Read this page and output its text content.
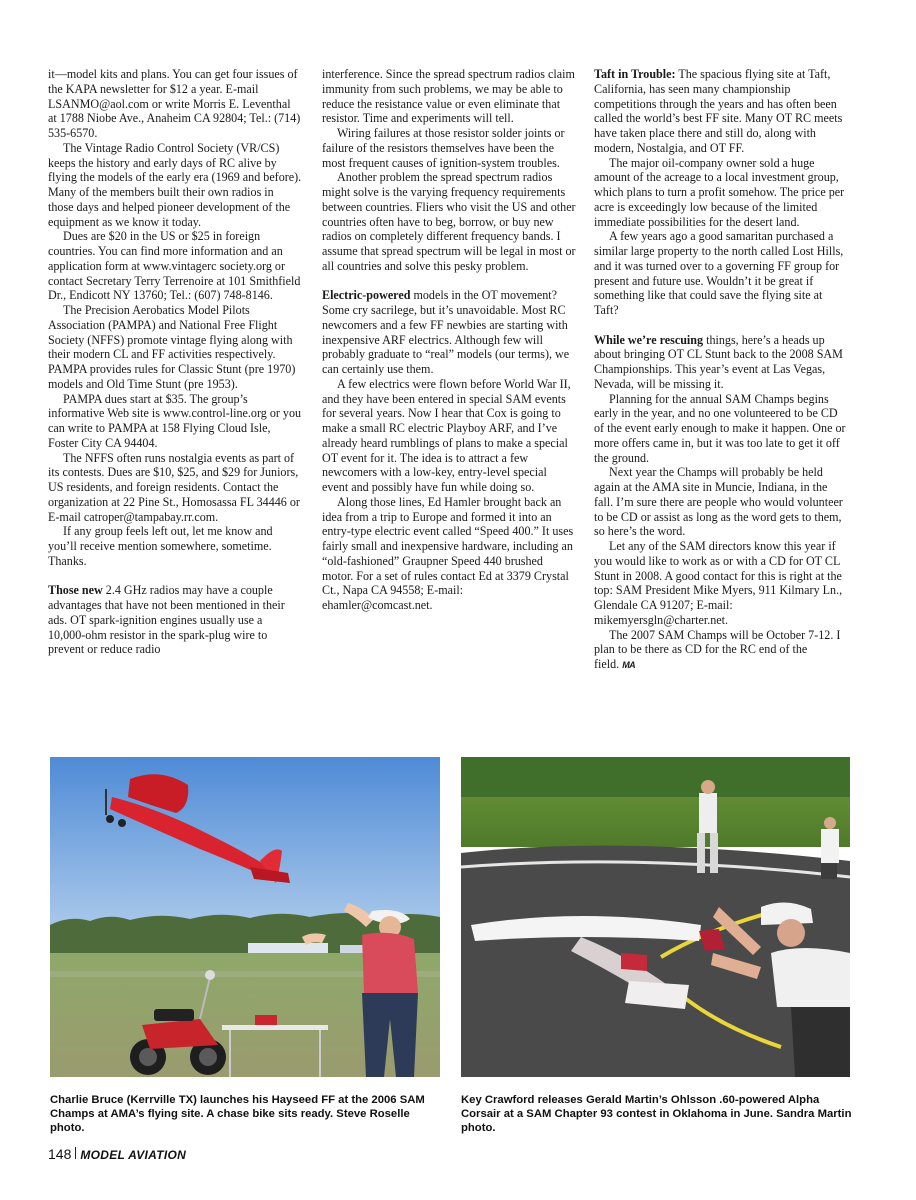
it—model kits and plans. You can get four issues of the KAPA newsletter for $12 a year. E-mail LSANMO@aol.com or write Morris E. Leventhal at 1788 Niobe Ave., Anaheim CA 92804; Tel.: (714) 535-6570.

The Vintage Radio Control Society (VR/CS) keeps the history and early days of RC alive by flying the models of the early era (1969 and before). Many of the members built their own radios in those days and helped pioneer development of the equipment as we know it today.

Dues are $20 in the US or $25 in foreign countries. You can find more information and an application form at www.vintagerc society.org or contact Secretary Terry Terrenoire at 101 Smithfield Dr., Endicott NY 13760; Tel.: (607) 748-8146.

The Precision Aerobatics Model Pilots Association (PAMPA) and National Free Flight Society (NFFS) promote vintage flying along with their modern CL and FF activities respectively. PAMPA provides rules for Classic Stunt (pre 1970) models and Old Time Stunt (pre 1953).

PAMPA dues start at $35. The group’s informative Web site is www.control-line.org or you can write to PAMPA at 158 Flying Cloud Isle, Foster City CA 94404.

The NFFS often runs nostalgia events as part of its contests. Dues are $10, $25, and $29 for Juniors, US residents, and foreign residents. Contact the organization at 22 Pine St., Homosassa FL 34446 or E-mail catroper@tampabay.rr.com.

If any group feels left out, let me know and you’ll receive mention somewhere, sometime. Thanks.

Those new 2.4 GHz radios may have a couple advantages that have not been mentioned in their ads. OT spark-ignition engines usually use a 10,000-ohm resistor in the spark-plug wire to prevent or reduce radio

interference. Since the spread spectrum radios claim immunity from such problems, we may be able to reduce the resistance value or even eliminate that resistor. Time and experiments will tell.

Wiring failures at those resistor solder joints or failure of the resistors themselves have been the most frequent causes of ignition-system troubles.

Another problem the spread spectrum radios might solve is the varying frequency requirements between countries. Fliers who visit the US and other countries often have to beg, borrow, or buy new radios on completely different frequency bands. I assume that spread spectrum will be legal in most or all countries and solve this pesky problem.

Electric-powered models in the OT movement? Some cry sacrilege, but it’s unavoidable. Most RC newcomers and a few FF newbies are starting with inexpensive ARF electrics. Although few will probably graduate to “real” models (our terms), we can certainly use them.

A few electrics were flown before World War II, and they have been entered in special SAM events for several years. Now I hear that Cox is going to make a small RC electric Playboy ARF, and I’ve already heard rumblings of plans to make a special OT event for it. The idea is to attract a few newcomers with a low-key, entry-level special event and possibly have fun while doing so.

Along those lines, Ed Hamler brought back an idea from a trip to Europe and formed it into an entry-type electric event called “Speed 400.” It uses fairly small and inexpensive hardware, including an “old-fashioned” Graupner Speed 440 brushed motor. For a set of rules contact Ed at 3379 Crystal Ct., Napa CA 94558; E-mail: ehamler@comcast.net.

Taft in Trouble: The spacious flying site at Taft, California, has seen many championship competitions through the years and has often been called the world’s best FF site. Many OT RC meets have taken place there and still do, along with modern, Nostalgia, and OT FF.

The major oil-company owner sold a huge amount of the acreage to a local investment group, which plans to turn a profit somehow. The price per acre is exceedingly low because of the limited immediate possibilities for the desert land.

A few years ago a good samaritan purchased a similar large property to the north called Lost Hills, and it was turned over to a governing FF group for present and future use. Wouldn’t it be great if something like that could save the flying site at Taft?

While we’re rescuing things, here’s a heads up about bringing OT CL Stunt back to the 2008 SAM Championships. This year’s event at Las Vegas, Nevada, will be missing it.

Planning for the annual SAM Champs begins early in the year, and no one volunteered to be CD of the event early enough to make it happen. One or more offers came in, but it was too late to get it off the ground.

Next year the Champs will probably be held again at the AMA site in Muncie, Indiana, in the fall. I’m sure there are people who would volunteer to be CD or assist as long as the word gets to them, so here’s the word.

Let any of the SAM directors know this year if you would like to work as or with a CD for OT CL Stunt in 2008. A good contact for this is right at the top: SAM President Mike Myers, 911 Kilmary Ln., Glendale CA 91207; E-mail: mikemyersgln@charter.net.

The 2007 SAM Champs will be October 7-12. I plan to be there as CD for the RC end of the field. MA

Charlie Bruce (Kerrville TX) launches his Hayseed FF at the 2006 SAM Champs at AMA’s flying site. A chase bike sits ready. Steve Roselle photo.
Key Crawford releases Gerald Martin’s Ohlsson .60-powered Alpha Corsair at a SAM Chapter 93 contest in Oklahoma in June. Sandra Martin photo.
148 MODEL AVIATION
